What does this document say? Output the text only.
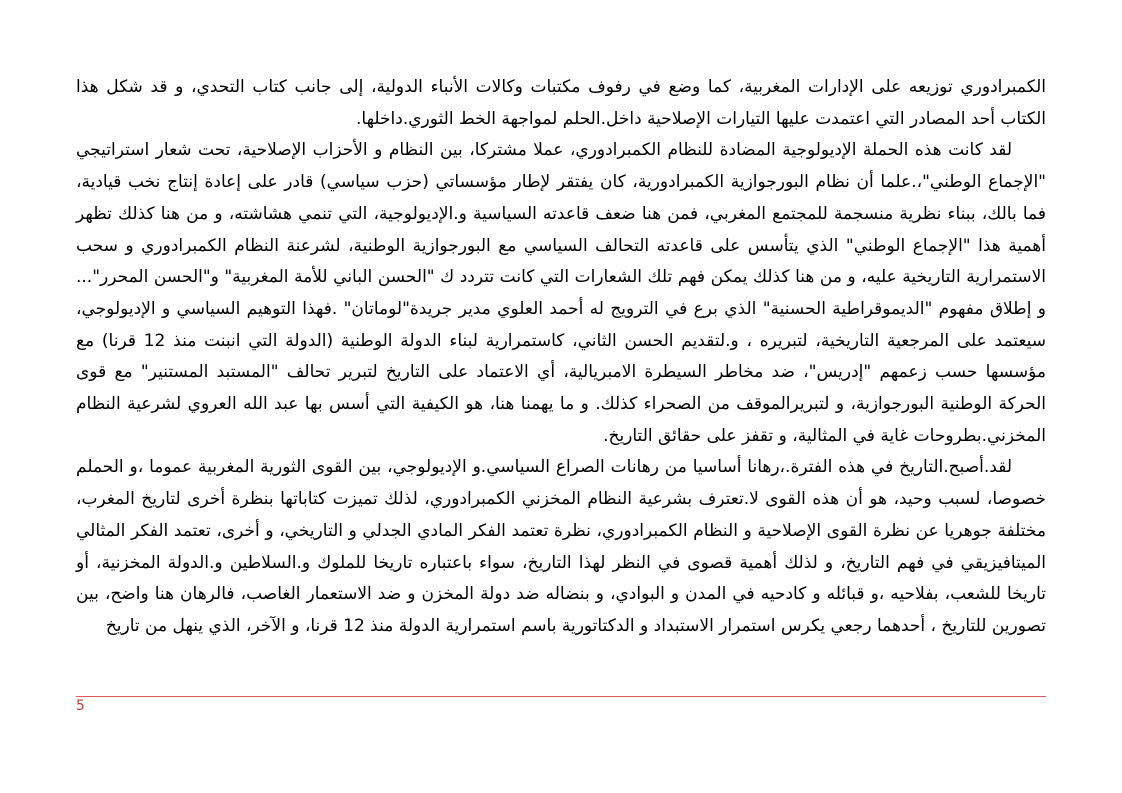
الكمبرادوري توزيعه على الإدارات المغربية، كما وضع في رفوف مكتبات وكالات الأنباء الدولية، إلى جانب كتاب التحدي، و قد شكل هذا الكتاب أحد المصادر التي اعتمدت عليها التيارات الإصلاحية داخل.الحلم لمواجهة الخط الثوري.داخلها.

لقد كانت هذه الحملة الإديولوجية المضادة للنظام الكمبرادوري، عملا مشتركا، بين النظام و الأحزاب الإصلاحية، تحت شعار استراتيجي "الإجماع الوطني"،.علما أن نظام البورجوازية الكمبرادورية، كان يفتقر لإطار مؤسساتي (حزب سياسي) قادر على إعادة إنتاج نخب قيادية، فما بالك، ببناء نظرية منسجمة للمجتمع المغربي، فمن هنا ضعف قاعدته السياسية و.الإديولوجية، التي تنمي هشاشته، و من هنا كذلك تظهر أهمية هذا "الإجماع الوطني" الذي يتأسس على قاعدته التحالف السياسي مع البورجوازية الوطنية، لشرعنة النظام الكمبرادوري و سحب الاستمرارية التاريخية عليه، و من هنا كذلك يمكن فهم تلك الشعارات التي كانت تتردد ك "الحسن الباني للأمة المغربية" و"الحسن المحرر"... و إطلاق مفهوم "الديموقراطية الحسنية" الذي برع في الترويج له أحمد العلوي مدير جريدة"لوماتان" .فهذا التوهيم السياسي و الإديولوجي، سيعتمد على المرجعية التاريخية، لتبريره ، و.لتقديم الحسن الثاني، كاستمرارية لبناء الدولة الوطنية (الدولة التي انبنت منذ 12 قرنا) مع مؤسسها حسب زعمهم "إدريس"، ضد مخاطر السيطرة الامبريالية، أي الاعتماد على التاريخ لتبرير تحالف "المستبد المستنير" مع قوى الحركة الوطنية البورجوازية، و لتبريرالموقف من الصحراء كذلك. و ما يهمنا هنا، هو الكيفية التي أسس بها عبد الله العروي لشرعية النظام المخزني.بطروحات غاية في المثالية، و تقفز على حقائق التاريخ.

لقد.أصبح.التاريخ في هذه الفترة.،رهانا أساسيا من رهانات الصراع السياسي.و الإديولوجي، بين القوى الثورية المغربية عموما ،و الحملم خصوصا، لسبب وحيد، هو أن هذه القوى لا.تعترف بشرعية النظام المخزني الكمبرادوري، لذلك تميزت كتاباتها بنظرة أخرى لتاريخ المغرب، مختلفة جوهريا عن نظرة القوى الإصلاحية و النظام الكمبرادوري، نظرة تعتمد الفكر المادي الجدلي و التاريخي، و أخرى، تعتمد الفكر المثالي الميتافيزيقي في فهم التاريخ، و لذلك أهمية قصوى في النظر لهذا التاريخ، سواء باعتباره تاريخا للملوك و.السلاطين و.الدولة المخزنية، أو تاريخا للشعب، بفلاحيه ،و قبائله و كادحيه في المدن و البوادي، و بنضاله ضد دولة المخزن و ضد الاستعمار الغاصب، فالرهان هنا واضح، بين تصورين للتاريخ ، أحدهما رجعي يكرس استمرار الاستبداد و الدكتاتورية باسم استمرارية الدولة منذ 12 قرنا، و الآخر، الذي ينهل من تاريخ

5
